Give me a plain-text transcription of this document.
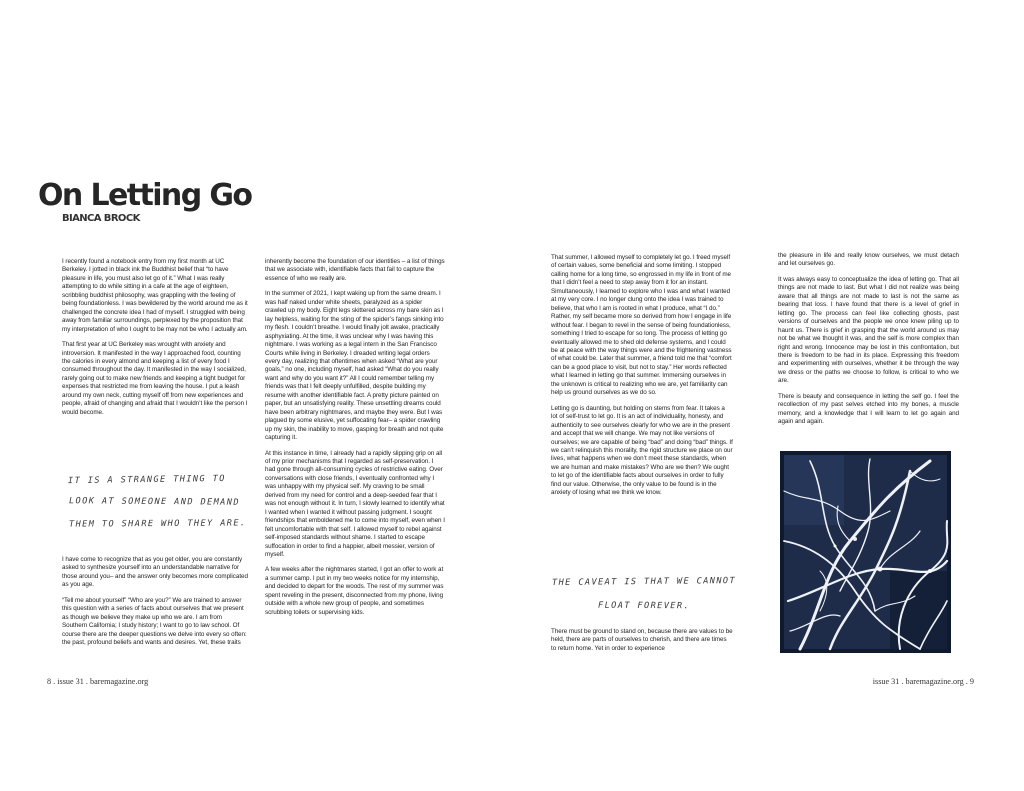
On Letting Go
BIANCA BROCK

I recently found a notebook entry from my first month at UC Berkeley. I jotted in black ink the Buddhist belief that “to have pleasure in life, you must also let go of it.” What I was really attempting to do while sitting in a cafe at the age of eighteen, scribbling buddhist philosophy, was grappling with the feeling of being foundationless. I was bewildered by the world around me as it challenged the concrete idea I had of myself. I struggled with being away from familiar surroundings, perplexed by the proposition that my interpretation of who I ought to be may not be who I actually am.

That first year at UC Berkeley was wrought with anxiety and introversion. It manifested in the way I approached food, counting the calories in every almond and keeping a list of every food I consumed throughout the day. It manifested in the way I socialized, rarely going out to make new friends and keeping a tight budget for expenses that restricted me from leaving the house. I put a leash around my own neck, cutting myself off from new experiences and people, afraid of changing and afraid that I wouldn’t like the person I would become.

IT IS A STRANGE THING TO

LOOK AT SOMEONE AND DEMAND

THEM TO SHARE WHO THEY ARE.

I have come to recognize that as you get older, you are constantly asked to synthesize yourself into an understandable narrative for those around you– and the answer only becomes more complicated as you age.

“Tell me about yourself” “Who are you?” We are trained to answer this question with a series of facts about ourselves that we present as though we believe they make up who we are. I am from Southern California; I study history; I want to go to law school. Of course there are the deeper questions we delve into every so often: the past, profound beliefs and wants and desires. Yet, these traits

inherently become the foundation of our identities – a list of things that we associate with, identifiable facts that fail to capture the essence of who we really are.

In the summer of 2021, I kept waking up from the same dream. I was half naked under white sheets, paralyzed as a spider crawled up my body. Eight legs skittered across my bare skin as I lay helpless, waiting for the sting of the spider’s fangs sinking into my flesh. I couldn’t breathe. I would finally jolt awake, practically asphyxiating. At the time, it was unclear why I was having this nightmare. I was working as a legal intern in the San Francisco Courts while living in Berkeley. I dreaded writing legal orders every day, realizing that oftentimes when asked “What are your goals,” no one, including myself, had asked “What do you really want and why do you want it?” All I could remember telling my friends was that I felt deeply unfulfilled, despite building my resume with another identifiable fact. A pretty picture painted on paper, but an unsatisfying reality. These unsettling dreams could have been arbitrary nightmares, and maybe they were. But I was plagued by some elusive, yet suffocating fear– a spider crawling up my skin, the inability to move, gasping for breath and not quite capturing it.

At this instance in time, I already had a rapidly slipping grip on all of my prior mechanisms that I regarded as self-preservation. I had gone through all-consuming cycles of restrictive eating. Over conversations with close friends, I eventually confronted why I was unhappy with my physical self. My craving to be small derived from my need for control and a deep-seeded fear that I was not enough without it. In turn, I slowly learned to identify what I wanted when I wanted it without passing judgment. I sought friendships that emboldened me to come into myself, even when I felt uncomfortable with that self. I allowed myself to rebel against self-imposed standards without shame. I started to escape suffocation in order to find a happier, albeit messier, version of myself.

A few weeks after the nightmares started, I got an offer to work at a summer camp. I put in my two weeks notice for my internship, and decided to depart for the woods. The rest of my summer was spent reveling in the present, disconnected from my phone, living outside with a whole new group of people, and sometimes scrubbing toilets or supervising kids.

That summer, I allowed myself to completely let go. I freed myself of certain values, some beneficial and some limiting. I stopped calling home for a long time, so engrossed in my life in front of me that I didn’t feel a need to step away from it for an instant. Simultaneously, I learned to explore who I was and what I wanted at my very core. I no longer clung onto the idea I was trained to believe, that who I am is rooted in what I produce, what “I do.” Rather, my self became more so derived from how I engage in life without fear. I began to revel in the sense of being foundationless, something I tried to escape for so long. The process of letting go eventually allowed me to shed old defense systems, and I could be at peace with the way things were and the frightening vastness of what could be. Later that summer, a friend told me that “comfort can be a good place to visit, but not to stay.” Her words reflected what I learned in letting go that summer. Immersing ourselves in the unknown is critical to realizing who we are, yet familiarity can help us ground ourselves as we do so.

Letting go is daunting, but holding on stems from fear. It takes a lot of self-trust to let go. It is an act of individuality, honesty, and authenticity to see ourselves clearly for who we are in the present and accept that we will change. We may not like versions of ourselves; we are capable of being “bad” and doing “bad” things. If we can’t relinquish this morality, the rigid structure we place on our lives, what happens when we don’t meet these standards, when we are human and make mistakes? Who are we then? We ought to let go of the identifiable facts about ourselves in order to fully find our value. Otherwise, the only value to be found is in the anxiety of losing what we think we know.

THE CAVEAT IS THAT WE CANNOT

FLOAT FOREVER.

There must be ground to stand on, because there are values to be held, there are parts of ourselves to cherish, and there are times to return home. Yet in order to experience

the pleasure in life and really know ourselves, we must detach and let ourselves go.

It was always easy to conceptualize the idea of letting go. That all things are not made to last. But what I did not realize was being aware that all things are not made to last is not the same as bearing that loss. I have found that there is a level of grief in letting go. The process can feel like collecting ghosts, past versions of ourselves and the people we once knew piling up to haunt us. There is grief in grasping that the world around us may not be what we thought it was, and the self is more complex than right and wrong. Innocence may be lost in this confrontation, but there is freedom to be had in its place. Expressing this freedom and experimenting with ourselves, whether it be through the way we dress or the paths we choose to follow, is critical to who we are.

There is beauty and consequence in letting the self go. I feel the recollection of my past selves etched into my bones, a muscle memory, and a knowledge that I will learn to let go again and again and again.

8 . issue 31 . baremagazine.org	issue 31 . baremagazine.org . 9
